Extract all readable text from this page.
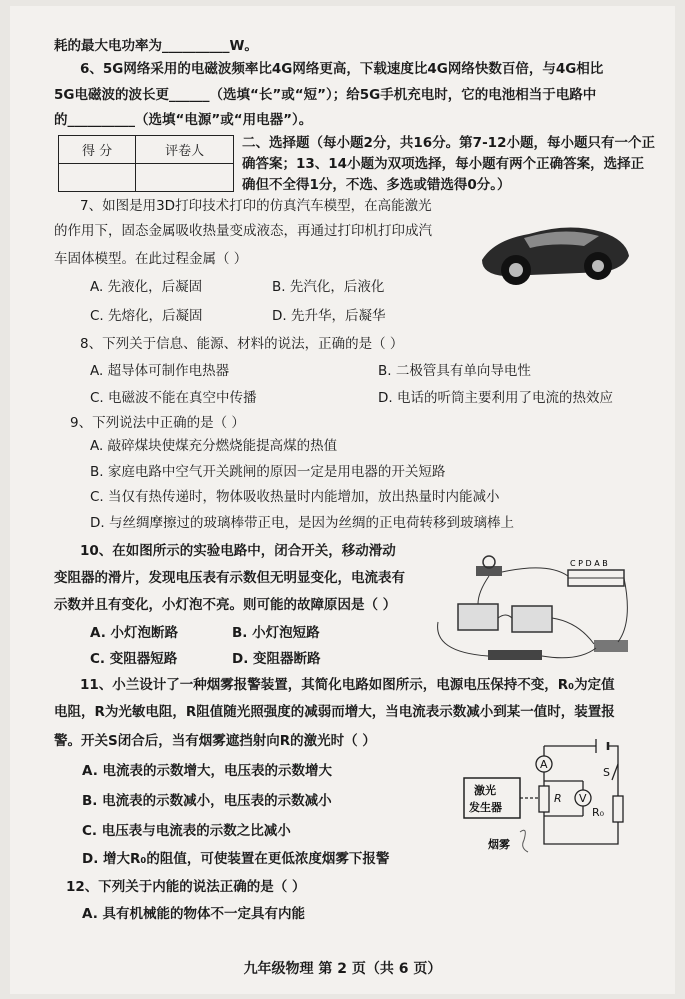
耗的最大电功率为__________W。
6、5G网络采用的电磁波频率比4G网络更高，下载速度比4G网络快数百倍，与4G相比
5G电磁波的波长更______（选填“长”或“短”）；给5G手机充电时，它的电池相当于电路中
的__________（选填“电源”或“用电器”）。
得 分	评卷人

二、选择题（每小题2分，共16分。第7-12小题，每小题只有一个正
确答案；13、14小题为双项选择，每小题有两个正确答案，选择正
确但不全得1分，不选、多选或错选得0分。）
7、如图是用3D打印技术打印的仿真汽车模型，在高能激光
的作用下，固态金属吸收热量变成液态，再通过打印机打印成汽
车固体模型。在此过程金属（ ）
A. 先液化，后凝固	B. 先汽化，后液化
C. 先熔化，后凝固	D. 先升华，后凝华
8、下列关于信息、能源、材料的说法，正确的是（ ）
A. 超导体可制作电热器	B. 二极管具有单向导电性
C. 电磁波不能在真空中传播	D. 电话的听筒主要利用了电流的热效应
9、下列说法中正确的是（ ）
A. 敲碎煤块使煤充分燃烧能提高煤的热值
B. 家庭电路中空气开关跳闸的原因一定是用电器的开关短路
C. 当仅有热传递时，物体吸收热量时内能增加，放出热量时内能减小
D. 与丝绸摩擦过的玻璃棒带正电，是因为丝绸的正电荷转移到玻璃棒上
10、在如图所示的实验电路中，闭合开关，移动滑动
变阻器的滑片，发现电压表有示数但无明显变化，电流表有
示数并且有变化，小灯泡不亮。则可能的故障原因是（ ）
A. 小灯泡断路	B. 小灯泡短路
C. 变阻器短路	D. 变阻器断路
C P D A B
11、小兰设计了一种烟雾报警装置，其简化电路如图所示，电源电压保持不变，R₀为定值
电阻，R为光敏电阻，R阻值随光照强度的减弱而增大，当电流表示数减小到某一值时，装置报
警。开关S闭合后，当有烟雾遮挡射向R的激光时（ ）
A. 电流表的示数增大，电压表的示数增大
B. 电流表的示数减小，电压表的示数减小
C. 电压表与电流表的示数之比减小
D. 增大R₀的阻值，可使装置在更低浓度烟雾下报警
激光
发生器
A
R V
S
R₀
烟雾
12、下列关于内能的说法正确的是（ ）
A. 具有机械能的物体不一定具有内能
九年级物理 第 2 页（共 6 页）
